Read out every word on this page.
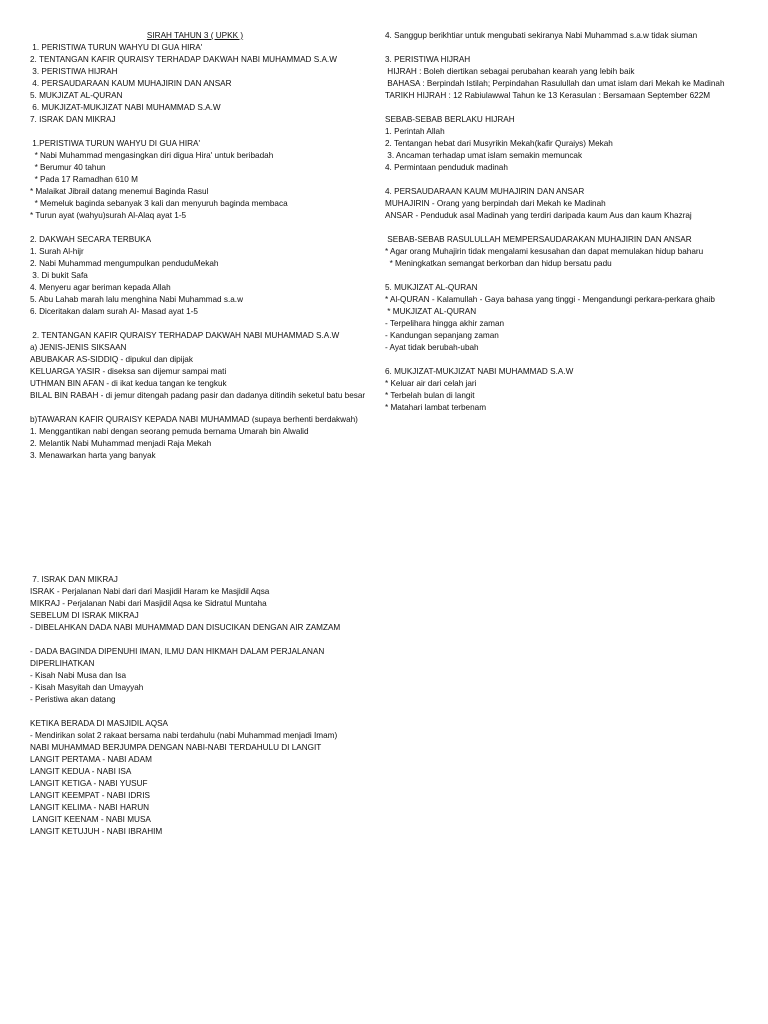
SIRAH TAHUN 3 ( UPKK )
1. PERISTIWA TURUN WAHYU DI GUA HIRA'
2. TENTANGAN KAFIR QURAISY TERHADAP DAKWAH NABI MUHAMMAD S.A.W
3. PERISTIWA HIJRAH
4. PERSAUDARAAN KAUM MUHAJIRIN DAN ANSAR
5. MUKJIZAT AL-QURAN
6. MUKJIZAT-MUKJIZAT NABI MUHAMMAD S.A.W
7. ISRAK DAN MIKRAJ
1.PERISTIWA TURUN WAHYU DI GUA HIRA'
* Nabi Muhammad mengasingkan diri digua Hira' untuk beribadah
* Berumur 40 tahun
* Pada 17 Ramadhan 610 M
* Malaikat Jibrail datang menemui Baginda Rasul
* Memeluk baginda sebanyak 3 kali dan menyuruh baginda membaca
* Turun ayat (wahyu)surah Al-Alaq ayat 1-5
2. DAKWAH SECARA TERBUKA
1. Surah Al-hijr
2. Nabi Muhammad mengumpulkan penduduMekah
3. Di bukit Safa
4. Menyeru agar beriman kepada Allah
5. Abu Lahab marah lalu menghina Nabi Muhammad s.a.w
6. Diceritakan dalam surah Al- Masad ayat 1-5
2. TENTANGAN KAFIR QURAISY TERHADAP DAKWAH NABI MUHAMMAD S.A.W
a) JENIS-JENIS SIKSAAN
ABUBAKAR AS-SIDDIQ - dipukul dan dipijak
KELUARGA YASIR - diseksa san dijemur sampai mati
UTHMAN BIN AFAN - di ikat kedua tangan ke tengkuk
BILAL BIN RABAH - di jemur ditengah padang pasir dan dadanya ditindih seketul batu besar
b)TAWARAN KAFIR QURAISY KEPADA NABI MUHAMMAD (supaya berhenti berdakwah)
1. Menggantikan nabi dengan seorang pemuda bernama Umarah bin Alwalid
2. Melantik Nabi Muhammad menjadi Raja Mekah
3. Menawarkan harta yang banyak
4. Sanggup berikhtiar untuk mengubati sekiranya Nabi Muhammad s.a.w tidak siuman
3. PERISTIWA HIJRAH
HIJRAH : Boleh diertikan sebagai perubahan kearah yang lebih baik
BAHASA : Berpindah Istilah; Perpindahan Rasulullah dan umat islam dari Mekah ke Madinah
TARIKH HIJRAH : 12 Rabiulawwal Tahun ke 13 Kerasulan : Bersamaan September 622M
SEBAB-SEBAB BERLAKU HIJRAH
1. Perintah Allah
2. Tentangan hebat dari Musyrikin Mekah(kafir Quraiys) Mekah
3. Ancaman terhadap umat islam semakin memuncak
4. Permintaan penduduk madinah
4. PERSAUDARAAN KAUM MUHAJIRIN DAN ANSAR
MUHAJIRIN - Orang yang berpindah dari Mekah ke Madinah
ANSAR - Penduduk asal Madinah yang terdiri daripada kaum Aus dan kaum Khazraj
SEBAB-SEBAB RASULULLAH MEMPERSAUDARAKAN MUHAJIRIN DAN ANSAR
* Agar orang Muhajirin tidak mengalami kesusahan dan dapat memulakan hidup baharu
* Meningkatkan semangat berkorban dan hidup bersatu padu
5. MUKJIZAT AL-QURAN
* Al-QURAN - Kalamullah - Gaya bahasa yang tinggi - Mengandungi perkara-perkara ghaib
* MUKJIZAT AL-QURAN
- Terpelihara hingga akhir zaman
- Kandungan sepanjang zaman
- Ayat tidak berubah-ubah
6. MUKJIZAT-MUKJIZAT NABI MUHAMMAD S.A.W
* Keluar air dari celah jari
* Terbelah bulan di langit
* Matahari lambat terbenam
7. ISRAK DAN MIKRAJ
ISRAK - Perjalanan Nabi dari dari Masjidil Haram ke Masjidil Aqsa
MIKRAJ - Perjalanan Nabi dari Masjidil Aqsa ke Sidratul Muntaha
SEBELUM DI ISRAK MIKRAJ
- DIBELAHKAN DADA NABI MUHAMMAD DAN DISUCIKAN DENGAN AIR ZAMZAM
- DADA BAGINDA DIPENUHI IMAN, ILMU DAN HIKMAH DALAM PERJALANAN DIPERLIHATKAN
- Kisah Nabi Musa dan Isa
- Kisah Masyitah dan Umayyah
- Peristiwa akan datang
KETIKA BERADA DI MASJIDIL AQSA
- Mendirikan solat 2 rakaat bersama nabi terdahulu (nabi Muhammad menjadi Imam)
NABI MUHAMMAD BERJUMPA DENGAN NABI-NABI TERDAHULU DI LANGIT
LANGIT PERTAMA - NABI ADAM
LANGIT KEDUA - NABI ISA
LANGIT KETIGA - NABI YUSUF
LANGIT KEEMPAT - NABI IDRIS
LANGIT KELIMA - NABI HARUN
LANGIT KEENAM - NABI MUSA
LANGIT KETUJUH - NABI IBRAHIM
